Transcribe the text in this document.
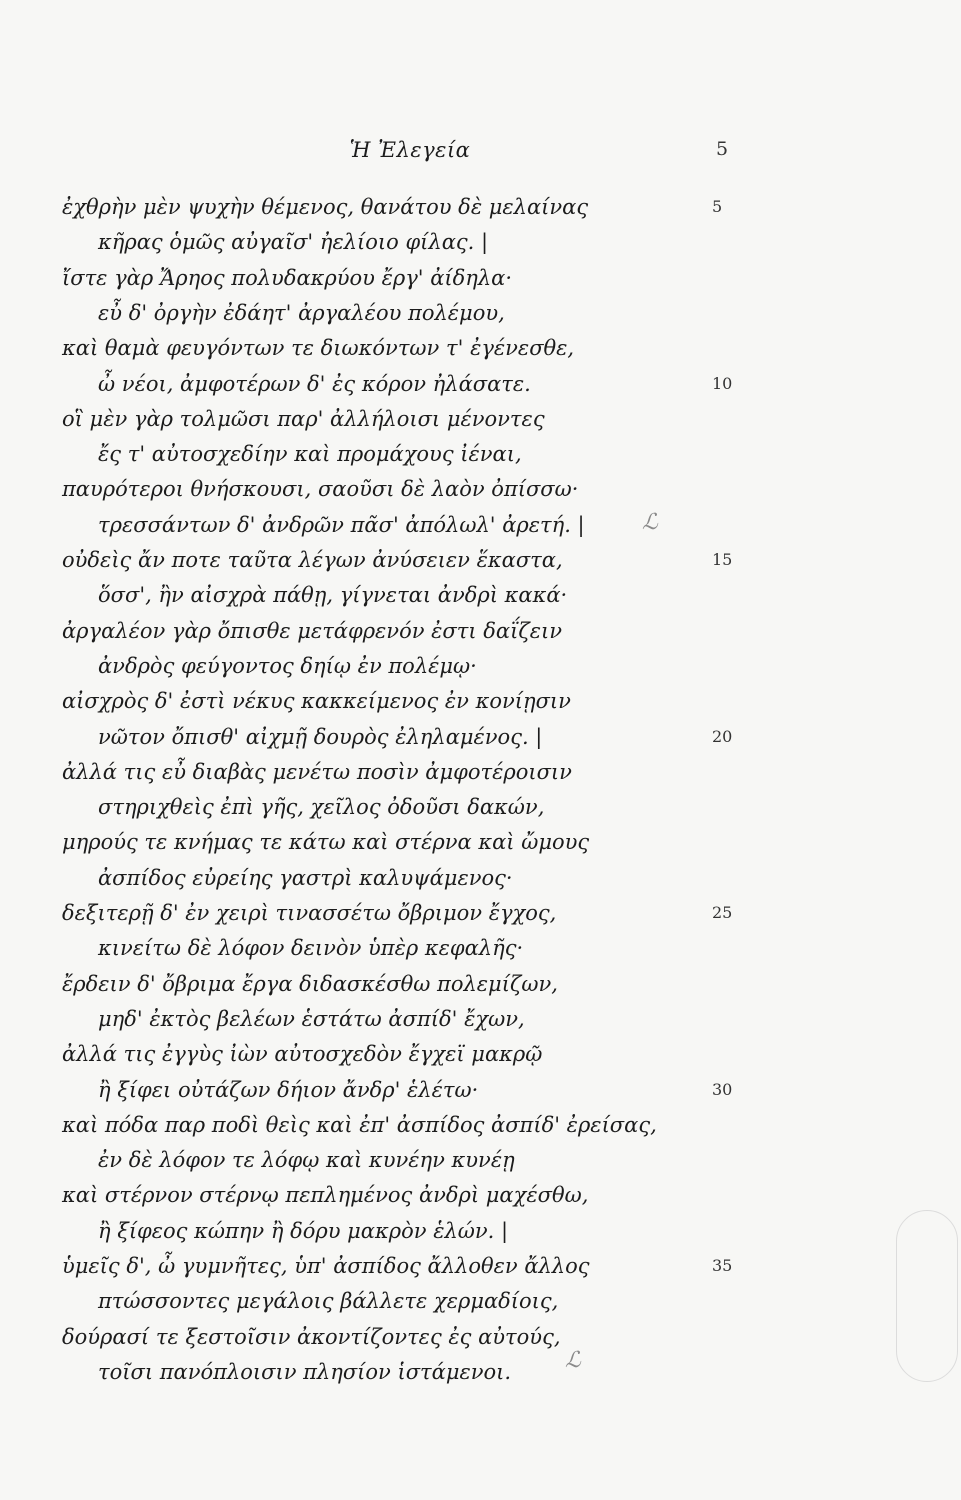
Ἡ Ἐλεγεία	5
ἐχθρὴν μὲν ψυχὴν θέμενος, θανάτου δὲ μελαίνας	5
κῆρας ὁμῶς αὐγαῖσ' ἠελίοιο φίλας. |
ἴστε γὰρ Ἄρηος πολυδακρύου ἔργ' ἀίδηλα·
εὖ δ' ὀργὴν ἐδάητ' ἀργαλέου πολέμου,
καὶ θαμὰ φευγόντων τε διωκόντων τ' ἐγένεσθε,
ὦ νέοι, ἀμφοτέρων δ' ἐς κόρον ἠλάσατε.	10
οἳ μὲν γὰρ τολμῶσι παρ' ἀλλήλοισι μένοντες
ἔς τ' αὐτοσχεδίην καὶ προμάχους ἰέναι,
παυρότεροι θνήσκουσι, σαοῦσι δὲ λαὸν ὀπίσσω·
τρεσσάντων δ' ἀνδρῶν πᾶσ' ἀπόλωλ' ἀρετή. |
οὐδεὶς ἄν ποτε ταῦτα λέγων ἀνύσειεν ἕκαστα,	15
ὅσσ', ἢν αἰσχρὰ πάθῃ, γίγνεται ἀνδρὶ κακά·
ἀργαλέον γὰρ ὄπισθε μετάφρενόν ἐστι δαΐζειν
ἀνδρὸς φεύγοντος δηίῳ ἐν πολέμῳ·
αἰσχρὸς δ' ἐστὶ νέκυς κακκείμενος ἐν κονίῃσιν
νῶτον ὄπισθ' αἰχμῇ δουρὸς ἐληλαμένος. |	20
ἀλλά τις εὖ διαβὰς μενέτω ποσὶν ἀμφοτέροισιν
στηριχθεὶς ἐπὶ γῆς, χεῖλος ὀδοῦσι δακών,
μηρούς τε κνήμας τε κάτω καὶ στέρνα καὶ ὤμους
ἀσπίδος εὐρείης γαστρὶ καλυψάμενος·
δεξιτερῇ δ' ἐν χειρὶ τινασσέτω ὄβριμον ἔγχος,	25
κινείτω δὲ λόφον δεινὸν ὑπὲρ κεφαλῆς·
ἔρδειν δ' ὄβριμα ἔργα διδασκέσθω πολεμίζων,
μηδ' ἐκτὸς βελέων ἑστάτω ἀσπίδ' ἔχων,
ἀλλά τις ἐγγὺς ἰὼν αὐτοσχεδὸν ἔγχεϊ μακρῷ
ἢ ξίφει οὐτάζων δήιον ἄνδρ' ἑλέτω·	30
καὶ πόδα παρ ποδὶ θεὶς καὶ ἐπ' ἀσπίδος ἀσπίδ' ἐρείσας,
ἐν δὲ λόφον τε λόφῳ καὶ κυνέην κυνέῃ
καὶ στέρνον στέρνῳ πεπλημένος ἀνδρὶ μαχέσθω,
ἢ ξίφεος κώπην ἢ δόρυ μακρὸν ἑλών. |
ὑμεῖς δ', ὦ γυμνῆτες, ὑπ' ἀσπίδος ἄλλοθεν ἄλλος	35
πτώσσοντες μεγάλοις βάλλετε χερμαδίοις,
δούρασί τε ξεστοῖσιν ἀκοντίζοντες ἐς αὐτούς,
τοῖσι πανόπλοισιν πλησίον ἱστάμενοι.
ℒ
ℒ
